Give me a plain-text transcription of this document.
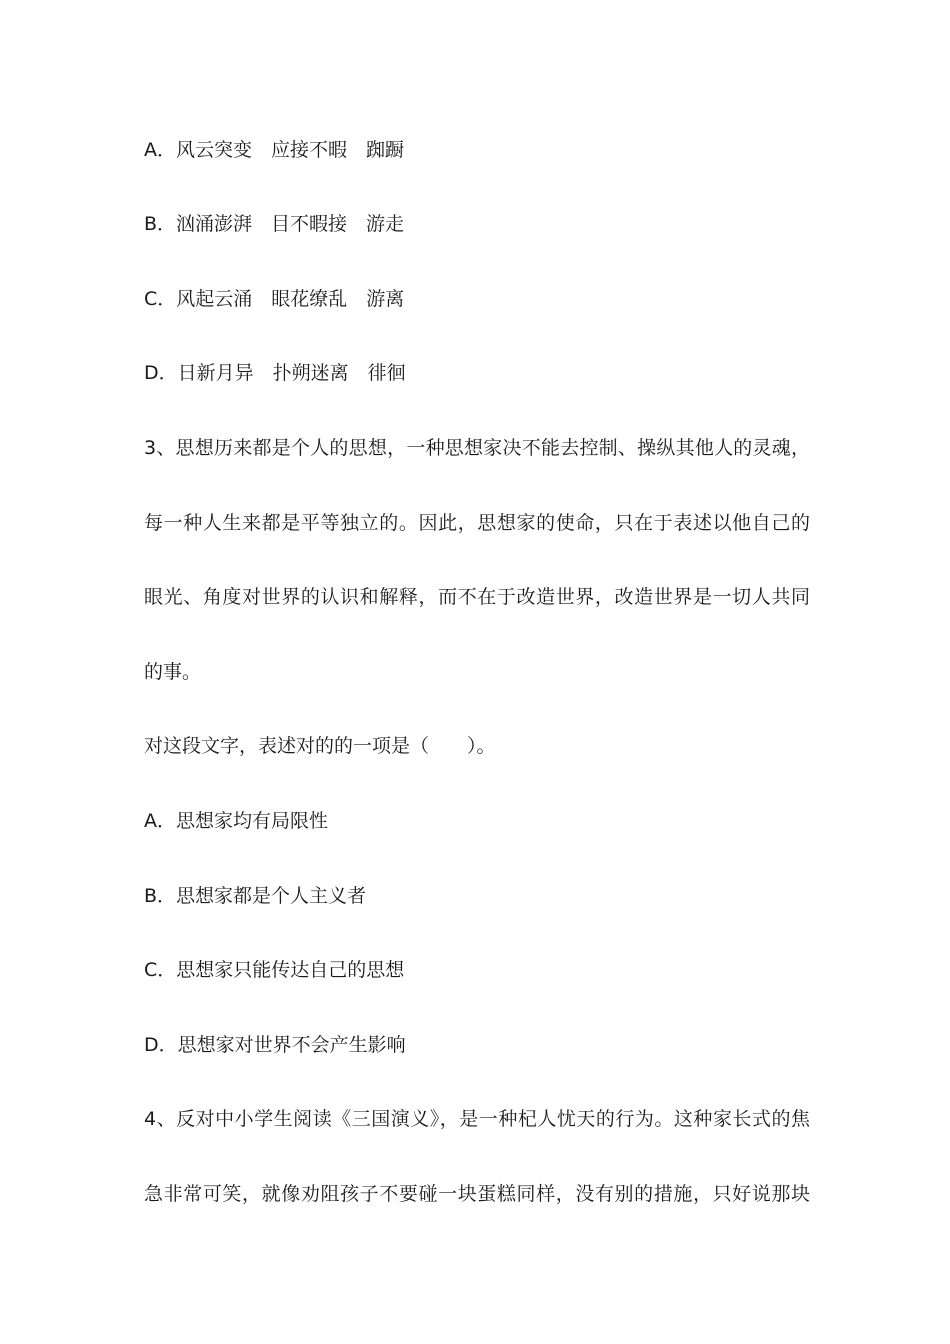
A．风云突变　应接不暇　踟蹰
B．汹涌澎湃　目不暇接　游走
C．风起云涌　眼花缭乱　游离
D．日新月异　扑朔迷离　徘徊
3、思想历来都是个人的思想，一种思想家决不能去控制、操纵其他人的灵魂，
每一种人生来都是平等独立的。因此，思想家的使命，只在于表述以他自己的
眼光、角度对世界的认识和解释，而不在于改造世界，改造世界是一切人共同
的事。
对这段文字，表述对的的一项是（　　）。
A．思想家均有局限性
B．思想家都是个人主义者
C．思想家只能传达自己的思想
D．思想家对世界不会产生影响
4、反对中小学生阅读《三国演义》，是一种杞人忧天的行为。这种家长式的焦
急非常可笑，就像劝阻孩子不要碰一块蛋糕同样，没有别的措施，只好说那块
